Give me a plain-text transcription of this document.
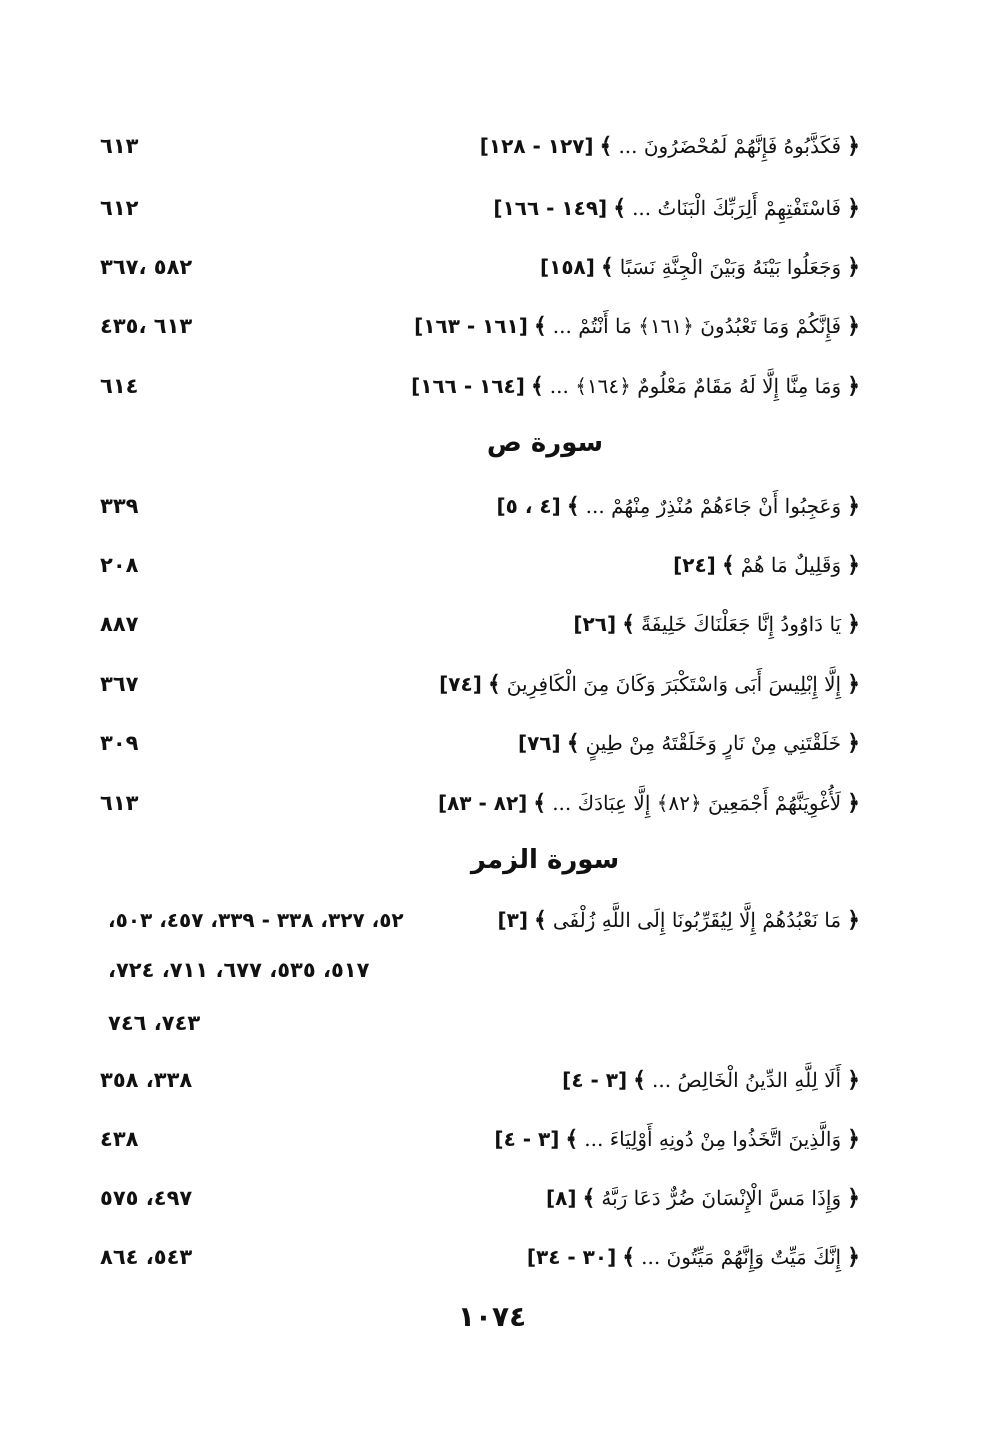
٦١٣	﴿
فَكَذَّبُوهُ فَإِنَّهُمْ لَمُحْضَرُونَ ...
﴾
[١٢٧ - ١٢٨]
٦١٢	﴿
فَاسْتَفْتِهِمْ أَلِرَبِّكَ الْبَنَاتُ ...
﴾
[١٤٩ - ١٦٦]
٥٨٢ ،٣٦٧	﴿
وَجَعَلُوا بَيْنَهُ وَبَيْنَ الْجِنَّةِ نَسَبًا
﴾
[١٥٨]
٦١٣ ،٤٣٥	﴿
فَإِنَّكُمْ وَمَا تَعْبُدُونَ ﴿١٦١﴾ مَا أَنْتُمْ ...
﴾
[١٦١ - ١٦٣]
٦١٤	﴿
وَمَا مِنَّا إِلَّا لَهُ مَقَامٌ مَعْلُومٌ ﴿١٦٤﴾ ...
﴾
[١٦٤ - ١٦٦]
سورة ص
٣٣٩	﴿
وَعَجِبُوا أَنْ جَاءَهُمْ مُنْذِرٌ مِنْهُمْ ...
﴾
[٤ ، ٥]
٢٠٨	﴿
وَقَلِيلٌ مَا هُمْ
﴾
[٢٤]
٨٨٧	﴿
يَا دَاوُودُ إِنَّا جَعَلْنَاكَ خَلِيفَةً
﴾
[٢٦]
٣٦٧	﴿
إِلَّا إِبْلِيسَ أَبَى وَاسْتَكْبَرَ وَكَانَ مِنَ الْكَافِرِينَ
﴾
[٧٤]
٣٠٩	﴿
خَلَقْتَنِي مِنْ نَارٍ وَخَلَقْتَهُ مِنْ طِينٍ
﴾
[٧٦]
٦١٣	﴿
لَأُغْوِيَنَّهُمْ أَجْمَعِينَ ﴿٨٢﴾ إِلَّا عِبَادَكَ ...
﴾
[٨٢ - ٨٣]
سورة الزمر
٥٢، ٣٢٧، ٣٣٨ - ٣٣٩، ٤٥٧، ٥٠٣،	﴿
مَا نَعْبُدُهُمْ إِلَّا لِيُقَرِّبُونَا إِلَى اللَّهِ زُلْفَى
﴾
[٣]
٥١٧، ٥٣٥، ٦٧٧، ٧١١، ٧٢٤،
٧٤٣، ٧٤٦
٣٣٨، ٣٥٨	﴿
أَلَا لِلَّهِ الدِّينُ الْخَالِصُ ...
﴾
[٣ - ٤]
٤٣٨	﴿
وَالَّذِينَ اتَّخَذُوا مِنْ دُونِهِ أَوْلِيَاءَ ...
﴾
[٣ - ٤]
٤٩٧، ٥٧٥	﴿
وَإِذَا مَسَّ الْإِنْسَانَ ضُرٌّ دَعَا رَبَّهُ
﴾
[٨]
٥٤٣، ٨٦٤	﴿
إِنَّكَ مَيِّتٌ وَإِنَّهُمْ مَيِّتُونَ ...
﴾
[٣٠ - ٣٤]
١٠٧٤
